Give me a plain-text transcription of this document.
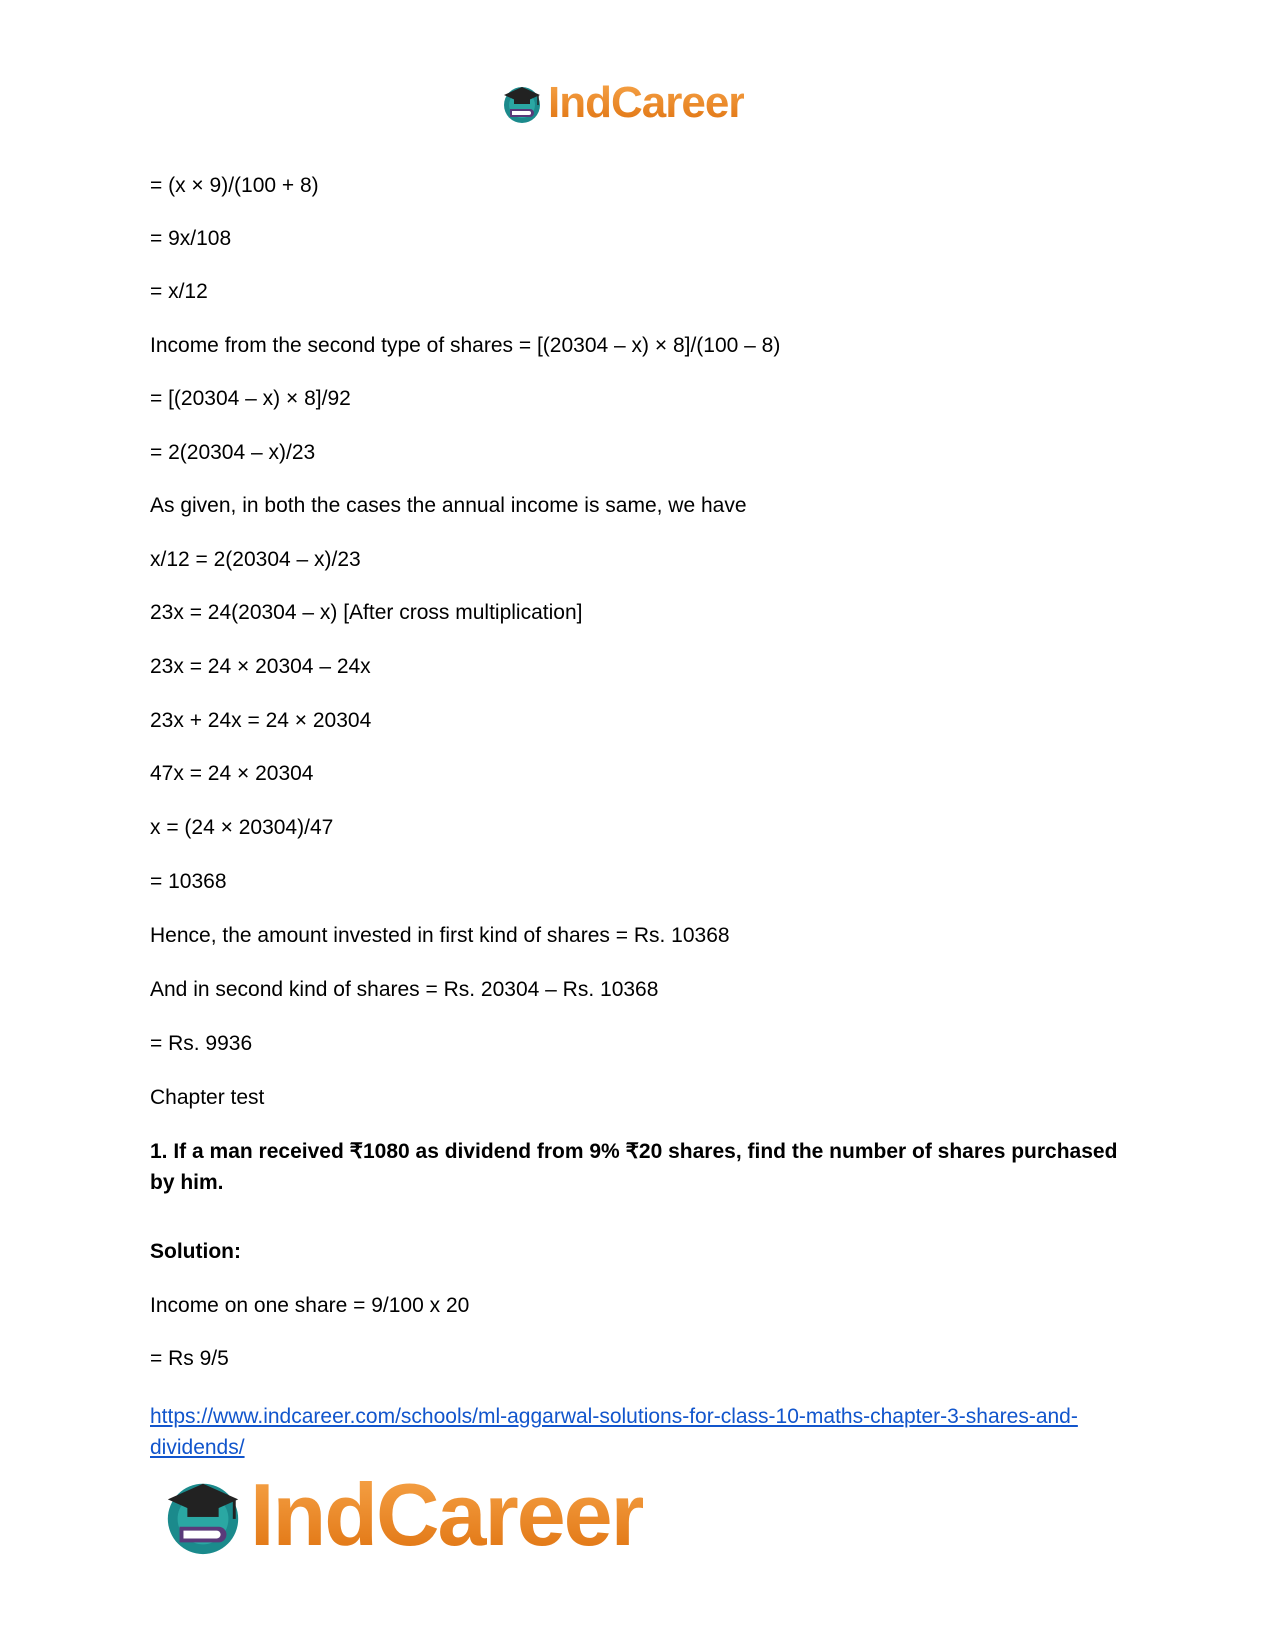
IndCareer
= (x × 9)/(100 + 8)
= 9x/108
= x/12
Income from the second type of shares = [(20304 – x) × 8]/(100 – 8)
= [(20304 – x) × 8]/92
= 2(20304 – x)/23
As given, in both the cases the annual income is same, we have
x/12 = 2(20304 – x)/23
23x = 24(20304 – x) [After cross multiplication]
23x = 24 × 20304 – 24x
23x + 24x = 24 × 20304
47x = 24 × 20304
x = (24 × 20304)/47
= 10368
Hence, the amount invested in first kind of shares = Rs. 10368
And in second kind of shares = Rs. 20304 – Rs. 10368
= Rs. 9936
Chapter test
1. If a man received ₹1080 as dividend from 9% ₹20 shares, find the number of shares purchased by him.
Solution:
Income on one share = 9/100 x 20
= Rs 9/5
https://www.indcareer.com/schools/ml-aggarwal-solutions-for-class-10-maths-chapter-3-shares-and-dividends/
IndCareer
